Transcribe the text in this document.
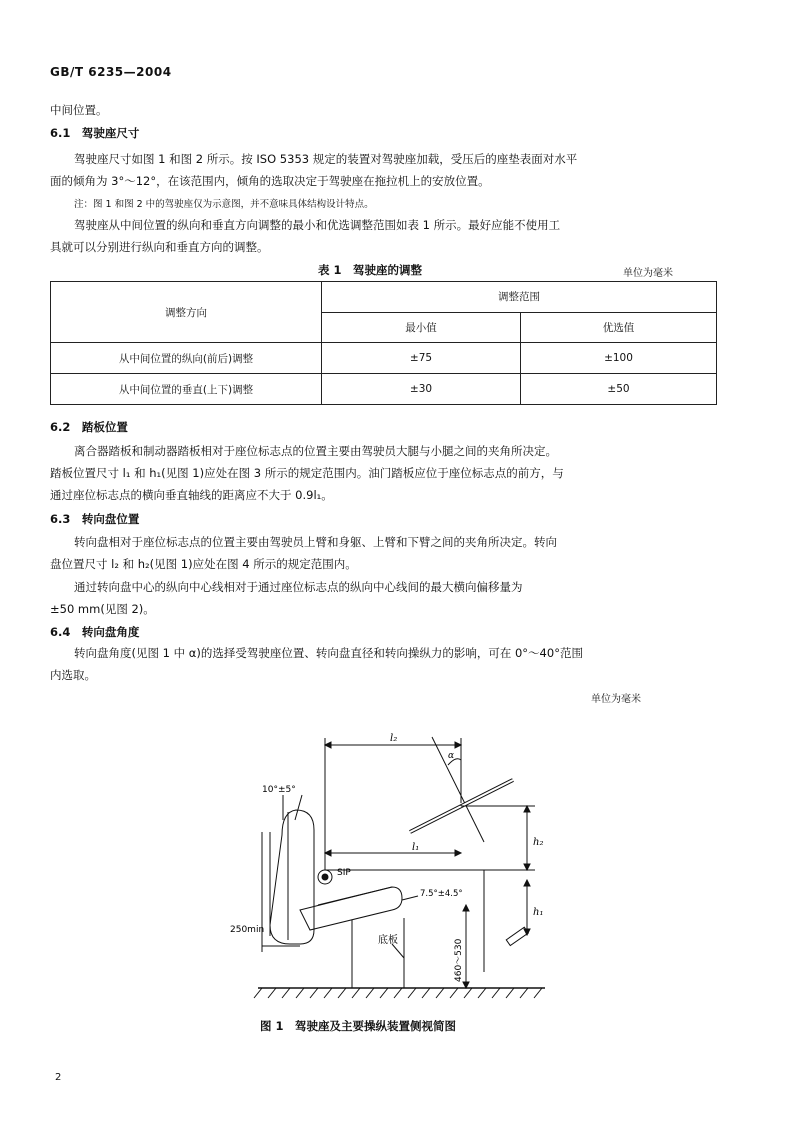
GB/T 6235—2004
中间位置。
6.1　驾驶座尺寸
驾驶座尺寸如图 1 和图 2 所示。按 ISO 5353 规定的装置对驾驶座加载，受压后的座垫表面对水平
面的倾角为 3°～12°，在该范围内，倾角的选取决定于驾驶座在拖拉机上的安放位置。
注：图 1 和图 2 中的驾驶座仅为示意图，并不意味具体结构设计特点。
驾驶座从中间位置的纵向和垂直方向调整的最小和优选调整范围如表 1 所示。最好应能不使用工
具就可以分别进行纵向和垂直方向的调整。
表 1　驾驶座的调整	单位为毫米
调整方向	调整范围	
	最小值	优选值
从中间位置的纵向(前后)调整	±75	±100
从中间位置的垂直(上下)调整	±30	±50
6.2　踏板位置
离合器踏板和制动器踏板相对于座位标志点的位置主要由驾驶员大腿与小腿之间的夹角所决定。
踏板位置尺寸 l₁ 和 h₁(见图 1)应处在图 3 所示的规定范围内。油门踏板应位于座位标志点的前方，与
通过座位标志点的横向垂直轴线的距离应不大于 0.9l₁。
6.3　转向盘位置
转向盘相对于座位标志点的位置主要由驾驶员上臂和身躯、上臂和下臂之间的夹角所决定。转向
盘位置尺寸 l₂ 和 h₂(见图 1)应处在图 4 所示的规定范围内。
通过转向盘中心的纵向中心线相对于通过座位标志点的纵向中心线间的最大横向偏移量为
±50 mm(见图 2)。
6.4　转向盘角度
转向盘角度(见图 1 中 α)的选择受驾驶座位置、转向盘直径和转向操纵力的影响，可在 0°～40°范围
内选取。
单位为毫米
l₂
α
10°±5°
l₁	h₂
SIP
7.5°±4.5°
h₁
250min
底板	460～530
图 1　驾驶座及主要操纵装置侧视简图
2
